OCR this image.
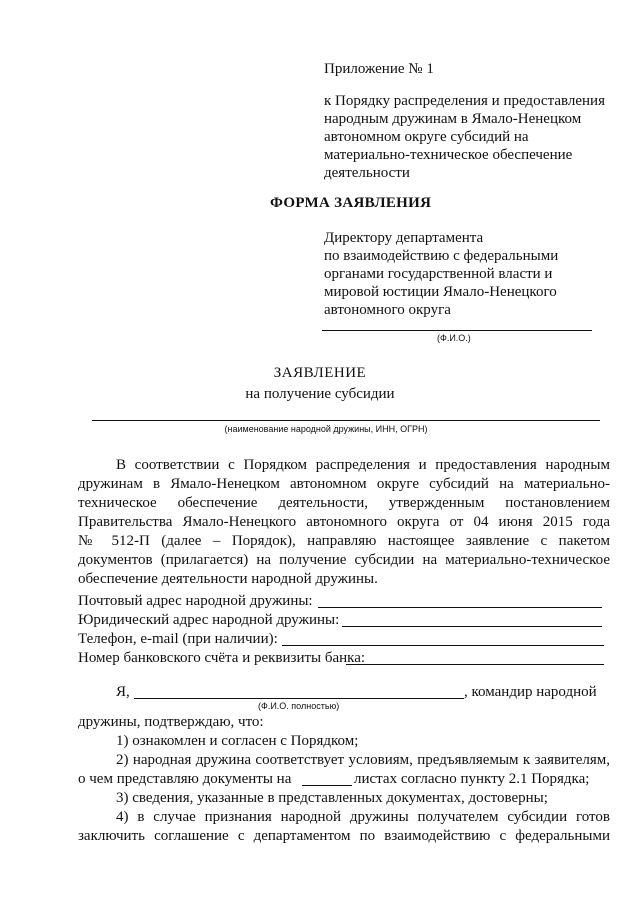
Приложение № 1
к Порядку распределения и предоставления
народным дружинам в Ямало-Ненецком
автономном округе субсидий на
материально-техническое обеспечение
деятельности
ФОРМА ЗАЯВЛЕНИЯ
Директору департамента
по взаимодействию с федеральными
органами государственной власти и
мировой юстиции Ямало-Ненецкого
автономного округа
(Ф.И.О.)
ЗАЯВЛЕНИЕ
на получение субсидии
(наименование народной дружины, ИНН, ОГРН)
В соответствии с Порядком распределения и предоставления народным
дружинам в Ямало-Ненецком автономном округе субсидий на материально-
техническое обеспечение деятельности, утвержденным постановлением
Правительства Ямало-Ненецкого автономного округа от 04 июня 2015 года
№ 512-П (далее – Порядок), направляю настоящее заявление с пакетом
документов (прилагается) на получение субсидии на материально-техническое
обеспечение деятельности народной дружины.
Почтовый адрес народной дружины:
Юридический адрес народной дружины:
Телефон, e-mail (при наличии):
Номер банковского счёта и реквизиты банка:
Я,	, командир народной
(Ф.И.О. полностью)
дружины, подтверждаю, что:
1) ознакомлен и согласен с Порядком;
2) народная дружина соответствует условиям, предъявляемым к заявителям,
о чем представляю документы на	листах согласно пункту 2.1 Порядка;
3) сведения, указанные в представленных документах, достоверны;
4) в случае признания народной дружины получателем субсидии готов
заключить соглашение с департаментом по взаимодействию с федеральными
